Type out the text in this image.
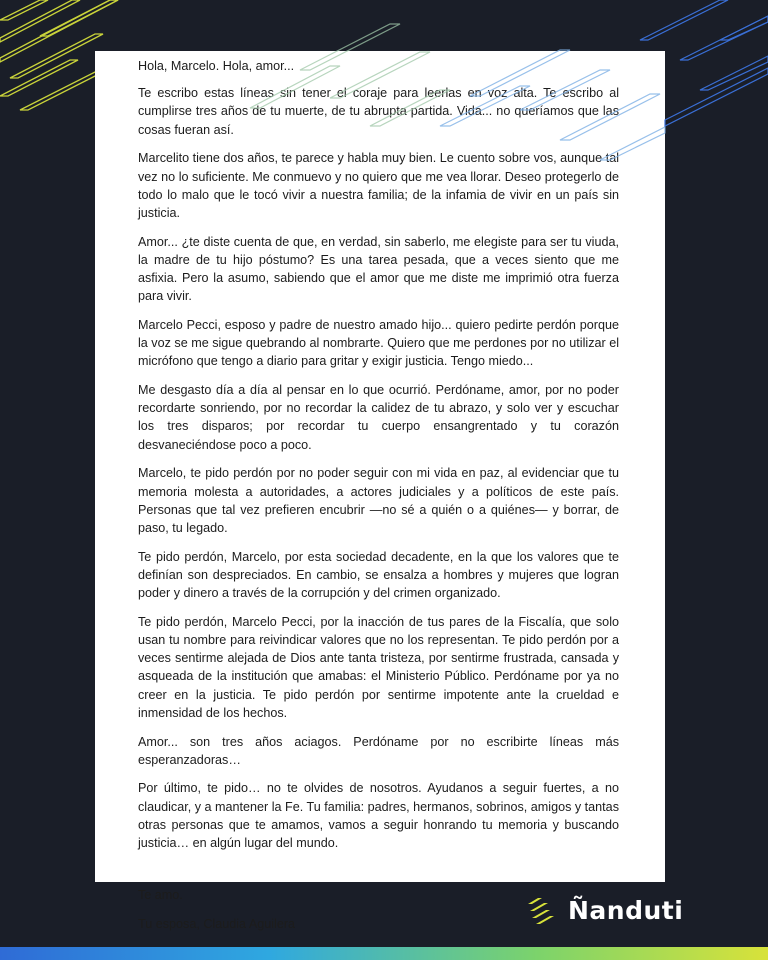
Hola, Marcelo. Hola, amor...

Te escribo estas líneas sin tener el coraje para leerlas en voz alta. Te escribo al cumplirse tres años de tu muerte, de tu abrupta partida. Vida... no queríamos que las cosas fueran así.

Marcelito tiene dos años, te parece y habla muy bien. Le cuento sobre vos, aunque tal vez no lo suficiente. Me conmuevo y no quiero que me vea llorar. Deseo protegerlo de todo lo malo que le tocó vivir a nuestra familia; de la infamia de vivir en un país sin justicia.

Amor... ¿te diste cuenta de que, en verdad, sin saberlo, me elegiste para ser tu viuda, la madre de tu hijo póstumo? Es una tarea pesada, que a veces siento que me asfixia. Pero la asumo, sabiendo que el amor que me diste me imprimió otra fuerza para vivir.

Marcelo Pecci, esposo y padre de nuestro amado hijo... quiero pedirte perdón porque la voz se me sigue quebrando al nombrarte. Quiero que me perdones por no utilizar el micrófono que tengo a diario para gritar y exigir justicia. Tengo miedo...

Me desgasto día a día al pensar en lo que ocurrió. Perdóname, amor, por no poder recordarte sonriendo, por no recordar la calidez de tu abrazo, y solo ver y escuchar los tres disparos; por recordar tu cuerpo ensangrentado y tu corazón desvaneciéndose poco a poco.

Marcelo, te pido perdón por no poder seguir con mi vida en paz, al evidenciar que tu memoria molesta a autoridades, a actores judiciales y a políticos de este país. Personas que tal vez prefieren encubrir —no sé a quién o a quiénes— y borrar, de paso, tu legado.

Te pido perdón, Marcelo, por esta sociedad decadente, en la que los valores que te definían son despreciados. En cambio, se ensalza a hombres y mujeres que logran poder y dinero a través de la corrupción y del crimen organizado.

Te pido perdón, Marcelo Pecci, por la inacción de tus pares de la Fiscalía, que solo usan tu nombre para reivindicar valores que no los representan. Te pido perdón por a veces sentirme alejada de Dios ante tanta tristeza, por sentirme frustrada, cansada y asqueada de la institución que amabas: el Ministerio Público. Perdóname por ya no creer en la justicia. Te pido perdón por sentirme impotente ante la crueldad e inmensidad de los hechos.

Amor... son tres años aciagos. Perdóname por no escribirte líneas más esperanzadoras…

Por último, te pido… no te olvides de nosotros. Ayudanos a seguir fuertes, a no claudicar, y a mantener la Fe. Tu familia: padres, hermanos, sobrinos, amigos y tantas otras personas que te amamos, vamos a seguir honrando tu memoria y buscando justicia… en algún lugar del mundo.

Te amo.

Tu esposa, Claudia Aguilera	Ñanduti
